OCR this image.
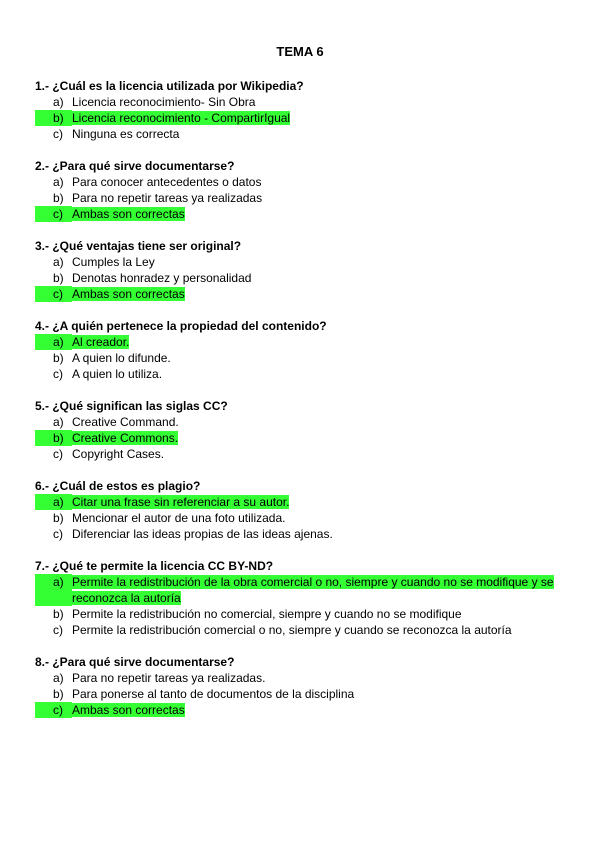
TEMA 6
1.- ¿Cuál es la licencia utilizada por Wikipedia?
a) Licencia reconocimiento- Sin Obra
b) Licencia reconocimiento - CompartirIgual
c) Ninguna es correcta
2.- ¿Para qué sirve documentarse?
a) Para conocer antecedentes o datos
b) Para no repetir tareas ya realizadas
c) Ambas son correctas
3.- ¿Qué ventajas tiene ser original?
a) Cumples la Ley
b) Denotas honradez y personalidad
c) Ambas son correctas
4.- ¿A quién pertenece la propiedad del contenido?
a) Al creador.
b) A quien lo difunde.
c) A quien lo utiliza.
5.- ¿Qué significan las siglas CC?
a) Creative Command.
b) Creative Commons.
c) Copyright Cases.
6.- ¿Cuál de estos es plagio?
a) Citar una frase sin referenciar a su autor.
b) Mencionar el autor de una foto utilizada.
c) Diferenciar las ideas propias de las ideas ajenas.
7.- ¿Qué te permite la licencia CC BY-ND?
a) Permite la redistribución de la obra comercial o no, siempre y cuando no se modifique y se reconozca la autoría
b) Permite la redistribución no comercial, siempre y cuando no se modifique
c) Permite la redistribución comercial o no, siempre y cuando se reconozca la autoría
8.- ¿Para qué sirve documentarse?
a) Para no repetir tareas ya realizadas.
b) Para ponerse al tanto de documentos de la disciplina
c) Ambas son correctas
